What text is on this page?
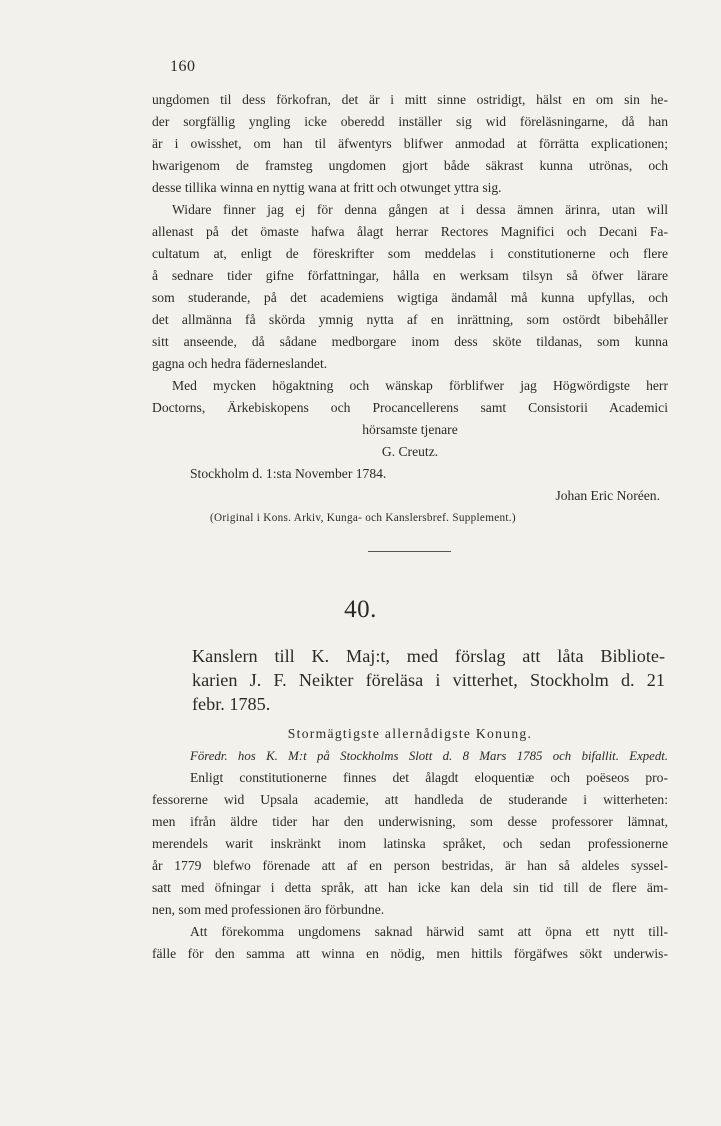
160
ungdomen til dess förkofran, det är i mitt sinne ostridigt, hälst en om sin he-
der sorgfällig yngling icke oberedd inställer sig wid föreläsningarne, då han
är i owisshet, om han til äfwentyrs blifwer anmodad at förrätta explicationen;
hwarigenom de framsteg ungdomen gjort både säkrast kunna utrönas, och
desse tillika winna en nyttig wana at fritt och otwunget yttra sig.
Widare finner jag ej för denna gången at i dessa ämnen ärinra, utan will
allenast på det ömaste hafwa ålagt herrar Rectores Magnifici och Decani Fa-
cultatum at, enligt de föreskrifter som meddelas i constitutionerne och flere
å sednare tider gifne författningar, hålla en werksam tilsyn så öfwer lärare
som studerande, på det academiens wigtiga ändamål må kunna upfyllas, och
det allmänna få skörda ymnig nytta af en inrättning, som ostördt bibehåller
sitt anseende, då sådane medborgare inom dess sköte tildanas, som kunna
gagna och hedra fäderneslandet.
Med mycken högaktning och wänskap förblifwer jag Högwördigste herr
Doctorns, Ärkebiskopens och Procancellerens samt Consistorii Academici
hörsamste tjenare
G. Creutz.
Stockholm d. 1:sta November 1784.
Johan Eric Noréen.
(Original i Kons. Arkiv, Kunga- och Kanslersbref. Supplement.)
40.
Kanslern till K. Maj:t, med förslag att låta Bibliote-
karien J. F. Neikter föreläsa i vitterhet, Stockholm d. 21
febr. 1785.
Stormägtigste allernådigste Konung.
Föredr. hos K. M:t på Stockholms Slott d. 8 Mars 1785 och bifallit. Expedt.
Enligt constitutionerne finnes det ålagdt eloquentiæ och poëseos pro-
fessorerne wid Upsala academie, att handleda de studerande i witterheten:
men ifrån äldre tider har den underwisning, som desse professorer lämnat,
merendels warit inskränkt inom latinska språket, och sedan professionerne
år 1779 blefwo förenade att af en person bestridas, är han så aldeles syssel-
satt med öfningar i detta språk, att han icke kan dela sin tid till de flere äm-
nen, som med professionen äro förbundne.
Att förekomma ungdomens saknad härwid samt att öpna ett nytt till-
fälle för den samma att winna en nödig, men hittils förgäfwes sökt underwis-
